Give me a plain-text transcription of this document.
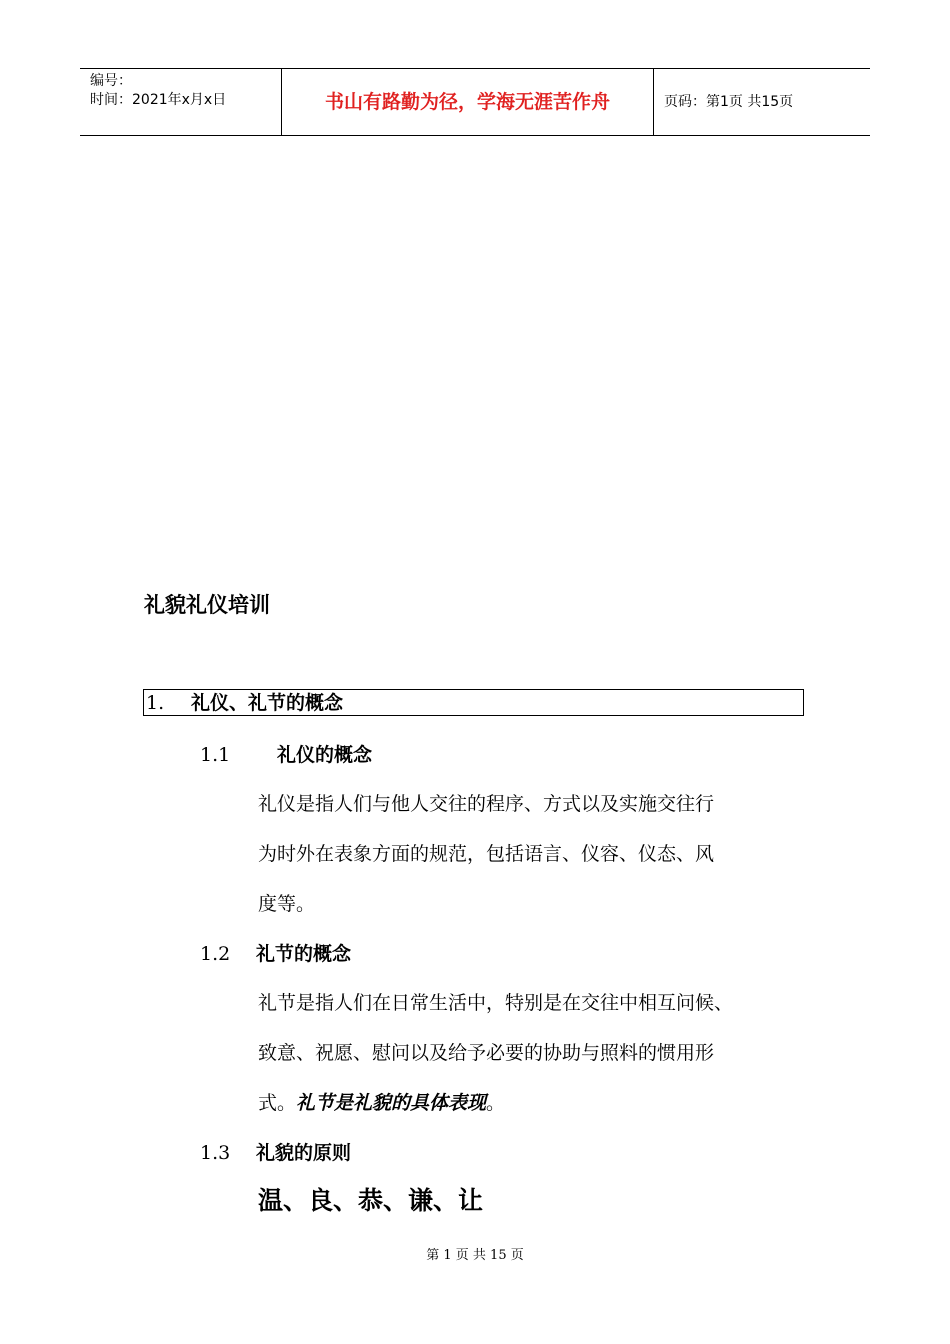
编号：
时间：2021年x月x日	书山有路勤为径，学海无涯苦作舟	页码：第1页 共15页
礼貌礼仪培训
1. 礼仪、礼节的概念
1.1 礼仪的概念
礼仪是指人们与他人交往的程序、方式以及实施交往行
为时外在表象方面的规范，包括语言、仪容、仪态、风
度等。
1.2 礼节的概念
礼节是指人们在日常生活中，特别是在交往中相互问候、
致意、祝愿、慰问以及给予必要的协助与照料的惯用形
式。礼节是礼貌的具体表现。
1.3 礼貌的原则
温、良、恭、谦、让
第 1 页 共 15 页
